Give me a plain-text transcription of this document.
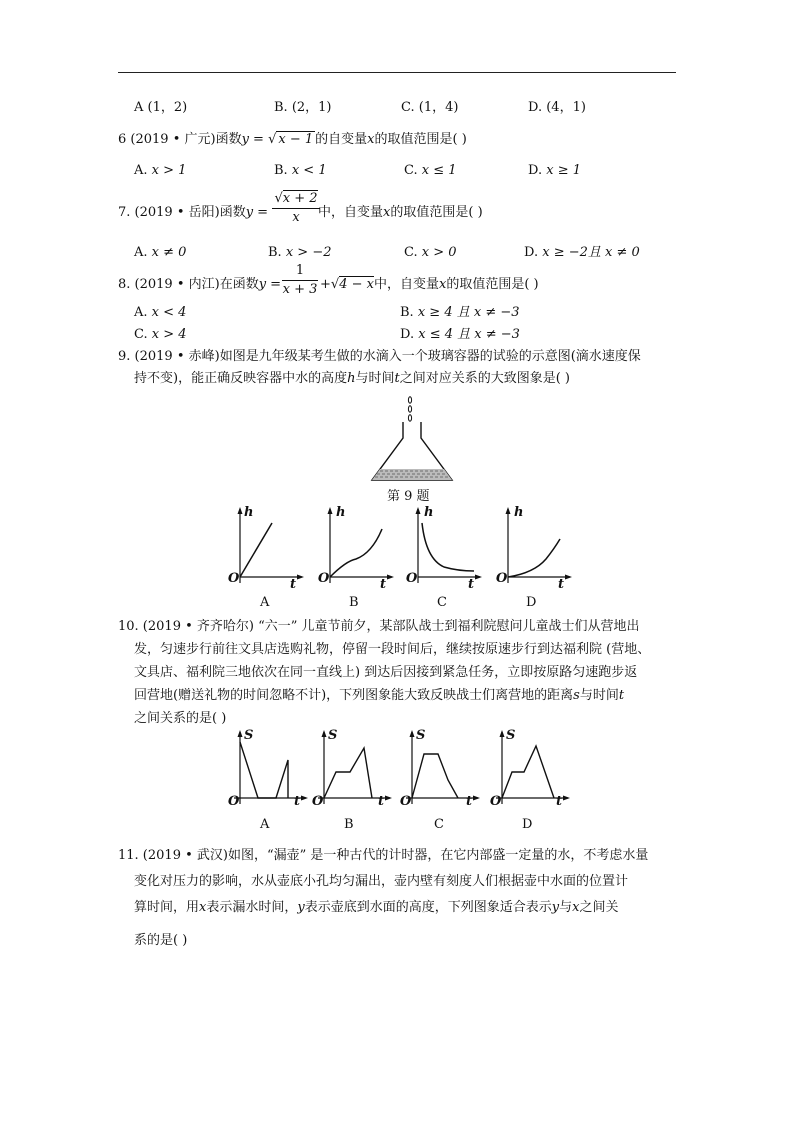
A (1，2)	B. (2，1)	C. (1，4)	D. (4，1)
6 (2019 • 广元)函数y = √ x − 1 的自变量x的取值范围是( )
A. x > 1	B. x < 1	C. x ≤ 1	D. x ≥ 1
7. (2019 • 岳阳)函数$y = \frac{√x + 2}{x}$
中，自变量x的取值范围是( )
A. x ≠ 0	B. x > −2	C. x > 0	D. x ≥ −2且 x ≠ 0
8. (2019 • 内江)在函数$y = \frac{1}{x + 3} +√4 - x$中，自变量x的取值范围是( )
A. x < 4	B. x ≥ 4 且 x ≠ −3
C. x > 4	D. x ≤ 4 且 x ≠ −3
9. (2019 • 赤峰)如图是九年级某考生做的水滴入一个玻璃容器的试验的示意图(滴水速度保
持不变)，能正确反映容器中水的高度h与时间t之间对应关系的大致图象是( )
第 9 题
h
t
O
A
h
t
O
B
h
t
O
C
h
t
O
D
10. (2019 • 齐齐哈尔) “六一” 儿童节前夕，某部队战士到福利院慰问儿童战士们从营地出
发，匀速步行前往文具店选购礼物，停留一段时间后，继续按原速步行到达福利院 (营地、
文具店、福利院三地依次在同一直线上) 到达后因接到紧急任务，立即按原路匀速跑步返
回营地(赠送礼物的时间忽略不计)，下列图象能大致反映战士们离营地的距离s与时间t
之间关系的是( )
S
t
O
A
S
t
O
B
S
t
O
C
S
t
O
D
11. (2019 • 武汉)如图，“漏壶” 是一种古代的计时器，在它内部盛一定量的水，不考虑水量
变化对压力的影响，水从壶底小孔均匀漏出，壶内壁有刻度人们根据壶中水面的位置计
算时间，用x表示漏水时间，y表示壶底到水面的高度，下列图象适合表示y与x之间关
系的是( )
